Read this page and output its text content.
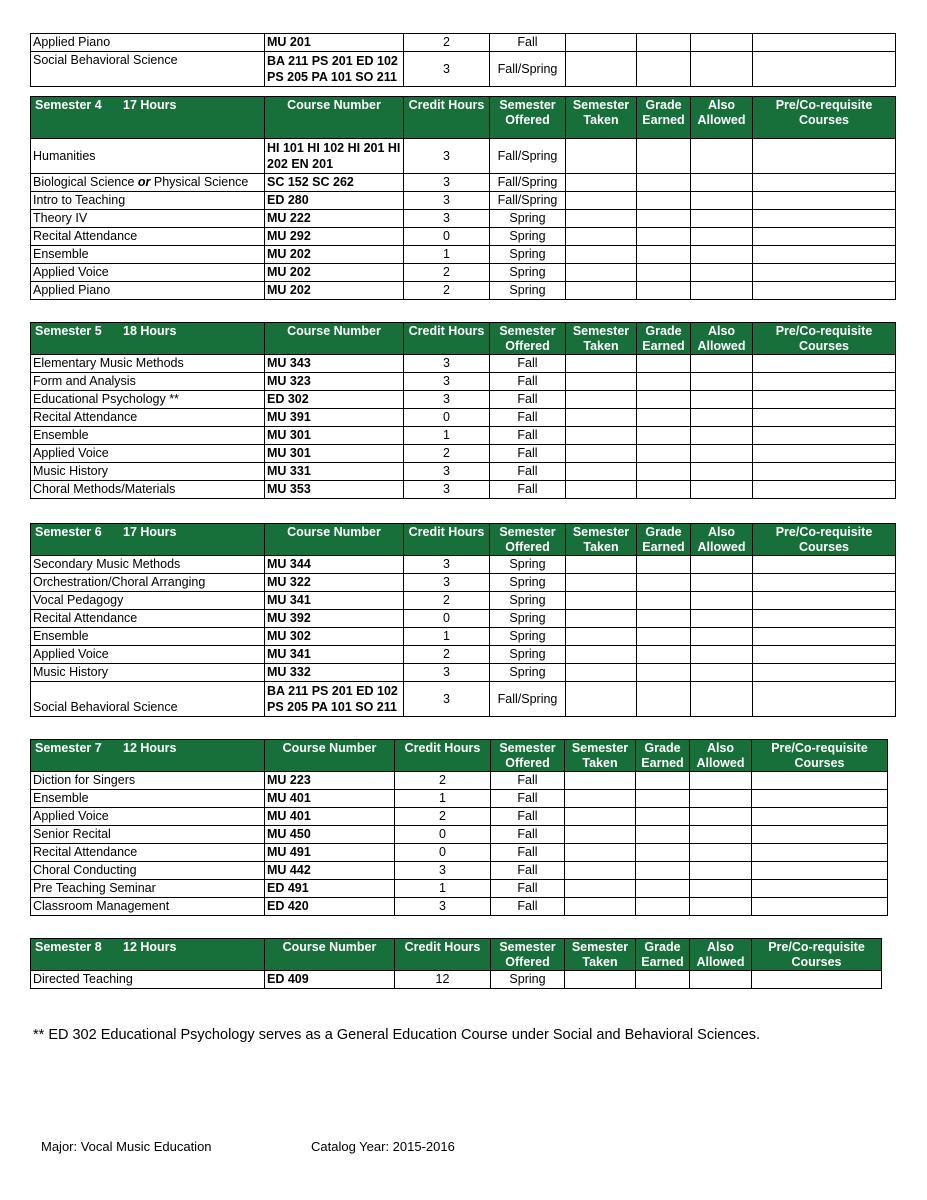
Applied Piano	MU 201	2	Fall				
Social Behavioral Science	BA 211 PS 201 ED 102 PS 205 PA 101 SO 211	3	Fall/Spring				
Semester 4 17 Hours	Course Number	Credit Hours	Semester Offered	Semester Taken	Grade Earned	Also Allowed	Pre/Co-requisite Courses
Humanities	HI 101 HI 102 HI 201 HI 202 EN 201	3	Fall/Spring				
Biological Science or Physical Science	SC 152 SC 262	3	Fall/Spring				
Intro to Teaching	ED 280	3	Fall/Spring				
Theory IV	MU 222	3	Spring				
Recital Attendance	MU 292	0	Spring				
Ensemble	MU 202	1	Spring				
Applied Voice	MU 202	2	Spring				
Applied Piano	MU 202	2	Spring				
Semester 5 18 Hours	Course Number	Credit Hours	Semester Offered	Semester Taken	Grade Earned	Also Allowed	Pre/Co-requisite Courses
Elementary Music Methods	MU 343	3	Fall				
Form and Analysis	MU 323	3	Fall				
Educational Psychology **	ED 302	3	Fall				
Recital Attendance	MU 391	0	Fall				
Ensemble	MU 301	1	Fall				
Applied Voice	MU 301	2	Fall				
Music History	MU 331	3	Fall				
Choral Methods/Materials	MU 353	3	Fall				
Semester 6 17 Hours	Course Number	Credit Hours	Semester Offered	Semester Taken	Grade Earned	Also Allowed	Pre/Co-requisite Courses
Secondary Music Methods	MU 344	3	Spring				
Orchestration/Choral Arranging	MU 322	3	Spring				
Vocal Pedagogy	MU 341	2	Spring				
Recital Attendance	MU 392	0	Spring				
Ensemble	MU 302	1	Spring				
Applied Voice	MU 341	2	Spring				
Music History	MU 332	3	Spring				
Social Behavioral Science	BA 211 PS 201 ED 102 PS 205 PA 101 SO 211	3	Fall/Spring				
Semester 7 12 Hours	Course Number	Credit Hours	Semester Offered	Semester Taken	Grade Earned	Also Allowed	Pre/Co-requisite Courses
Diction for Singers	MU 223	2	Fall				
Ensemble	MU 401	1	Fall				
Applied Voice	MU 401	2	Fall				
Senior Recital	MU 450	0	Fall				
Recital Attendance	MU 491	0	Fall				
Choral Conducting	MU 442	3	Fall				
Pre Teaching Seminar	ED 491	1	Fall				
Classroom Management	ED 420	3	Fall				
Semester 8 12 Hours	Course Number	Credit Hours	Semester Offered	Semester Taken	Grade Earned	Also Allowed	Pre/Co-requisite Courses
Directed Teaching	ED 409	12	Spring				
** ED 302 Educational Psychology serves as a General Education Course under Social and Behavioral Sciences.
Major: Vocal Music Education	Catalog Year: 2015-2016
